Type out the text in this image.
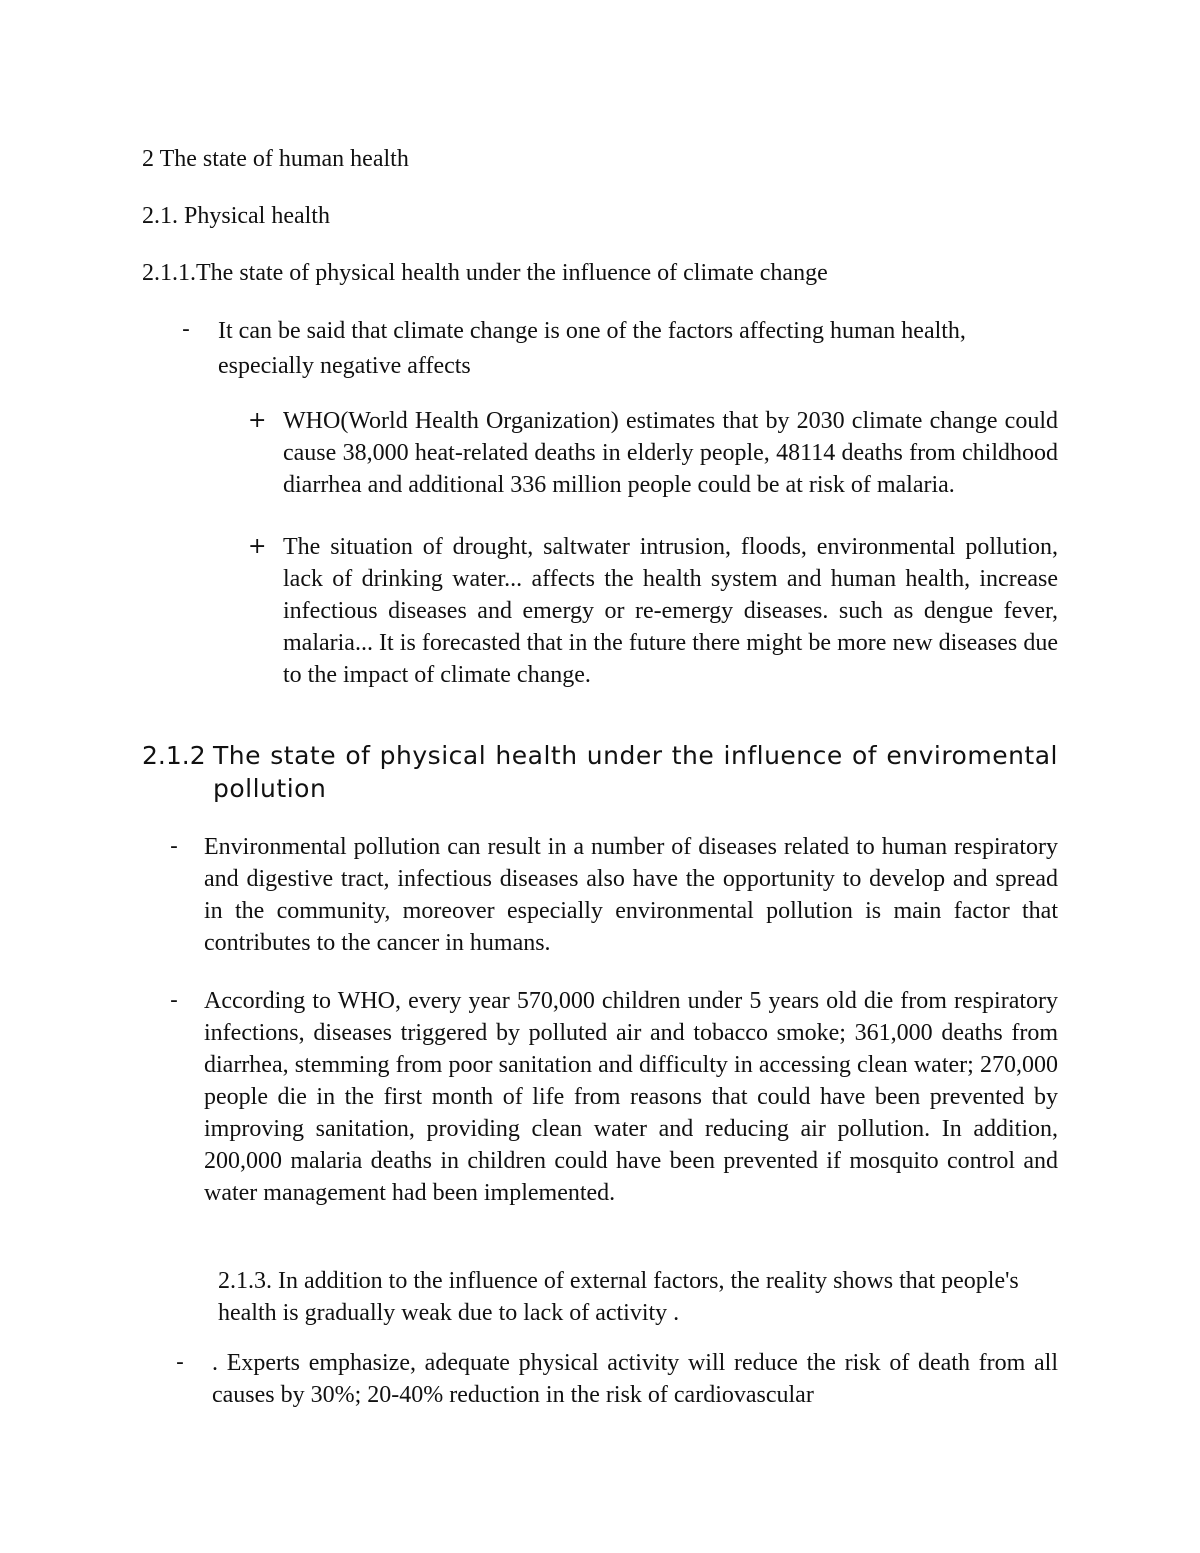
2 The state of human health
2.1. Physical health
2.1.1.The state of physical health under the influence of climate change
- It can be said that climate change is one of the factors affecting human health, especially negative affects
+ WHO(World Health Organization) estimates that by 2030 climate change could cause 38,000 heat-related deaths in elderly people, 48114 deaths from childhood diarrhea and additional 336 million people could be at risk of malaria.
+ The situation of drought, saltwater intrusion, floods, environmental pollution, lack of drinking water... affects the health system and human health, increase infectious diseases and emergy or re-emergy diseases. such as dengue fever, malaria... It is forecasted that in the future there might be more new diseases due to the impact of climate change.
2.1.2 The state of physical health under the influence of enviromental pollution
- Environmental pollution can result in a number of diseases related to human respiratory and digestive tract, infectious diseases also have the opportunity to develop and spread in the community, moreover especially environmental pollution is main factor that contributes to the cancer in humans.
- According to WHO, every year 570,000 children under 5 years old die from respiratory infections, diseases triggered by polluted air and tobacco smoke; 361,000 deaths from diarrhea, stemming from poor sanitation and difficulty in accessing clean water; 270,000 people die in the first month of life from reasons that could have been prevented by improving sanitation, providing clean water and reducing air pollution. In addition, 200,000 malaria deaths in children could have been prevented if mosquito control and water management had been implemented.
2.1.3. In addition to the influence of external factors, the reality shows that people's health is gradually weak due to lack of activity .
- . Experts emphasize, adequate physical activity will reduce the risk of death from all causes by 30%; 20-40% reduction in the risk of cardiovascular
